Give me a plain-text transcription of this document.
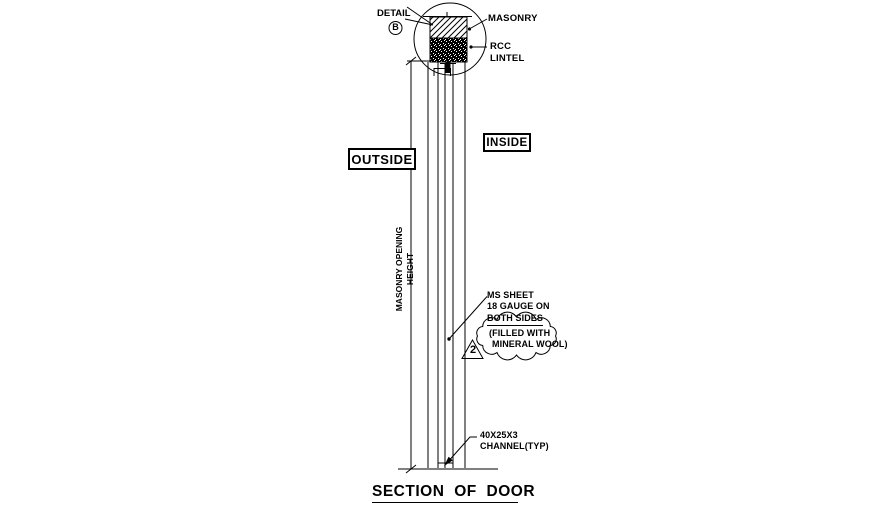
DETAIL
B
MASONRY
RCC
LINTEL
OUTSIDE
INSIDE
MASONRY OPENING HEIGHT
MS SHEET
18 GAUGE ON
BOTH SIDES
(FILLED WITH
MINERAL WOOL)
2
40X25X3
CHANNEL(TYP)
SECTION OF DOOR
